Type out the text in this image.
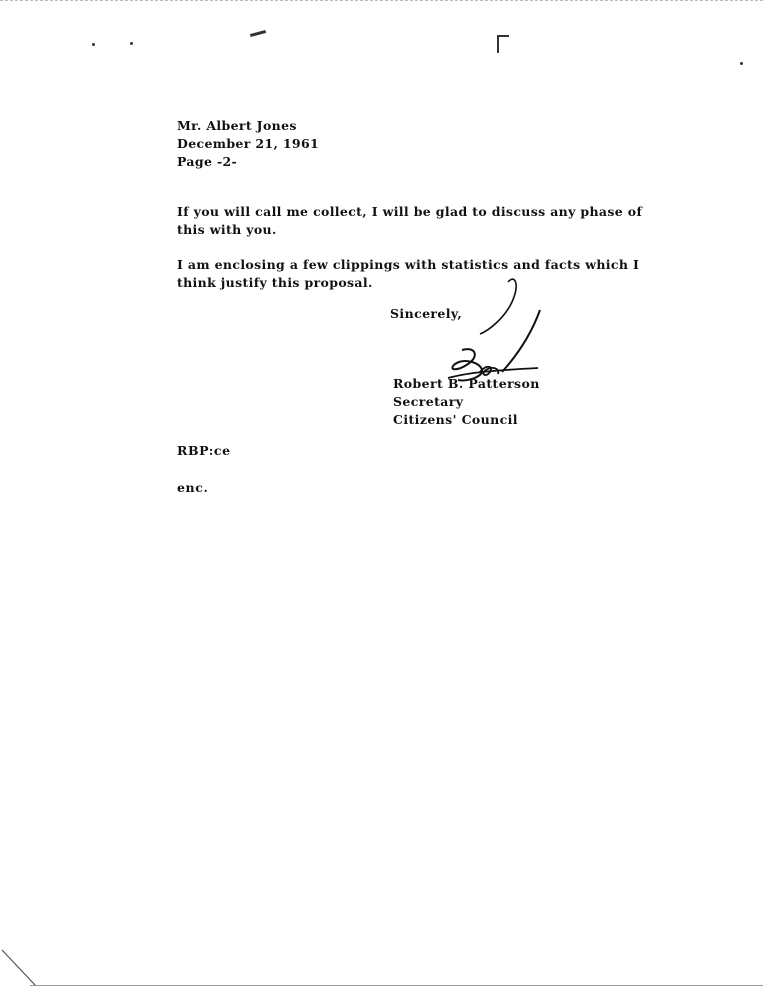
Mr. Albert Jones
December 21, 1961
Page -2-
If you will call me collect, I will be glad to discuss any phase of
this with you.
I am enclosing a few clippings with statistics and facts which I
think justify this proposal.
Sincerely,
Robert B. Patterson
Secretary
Citizens' Council
RBP:ce
enc.
